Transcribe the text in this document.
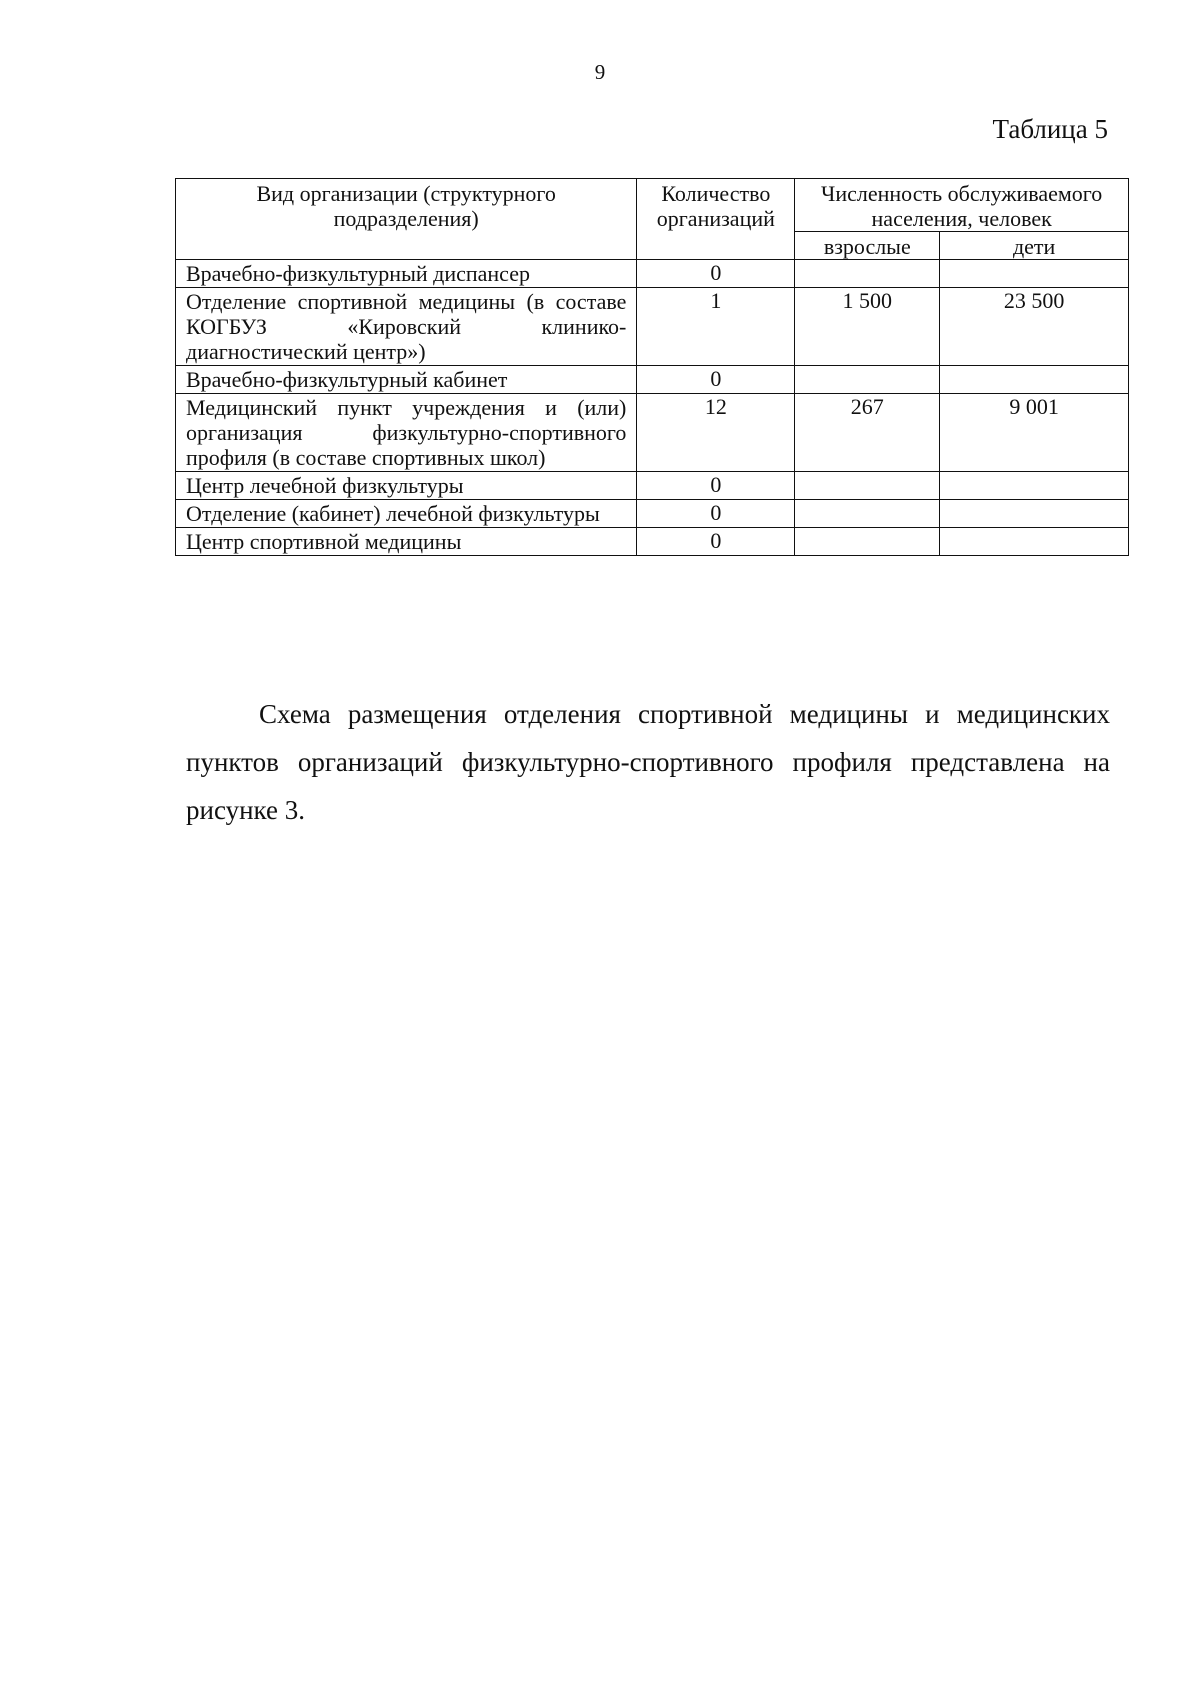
9
Таблица 5
Вид организации (структурного подразделения)	Количество организаций	Численность обслуживаемого населения, человек	
		взрослые	дети
Врачебно-физкультурный диспансер	0		
Отделение спортивной медицины (в составе КОГБУЗ «Кировский клинико-диагностический центр»)	1	1 500	23 500
Врачебно-физкультурный кабинет	0		
Медицинский пункт учреждения и (или) организация физкультурно-спортивного профиля (в составе спортивных школ)	12	267	9 001
Центр лечебной физкультуры	0		
Отделение (кабинет) лечебной физкультуры	0		
Центр спортивной медицины	0		

Схема размещения отделения спортивной медицины и медицинских пунктов организаций физкультурно-спортивного профиля представлена на рисунке 3.
